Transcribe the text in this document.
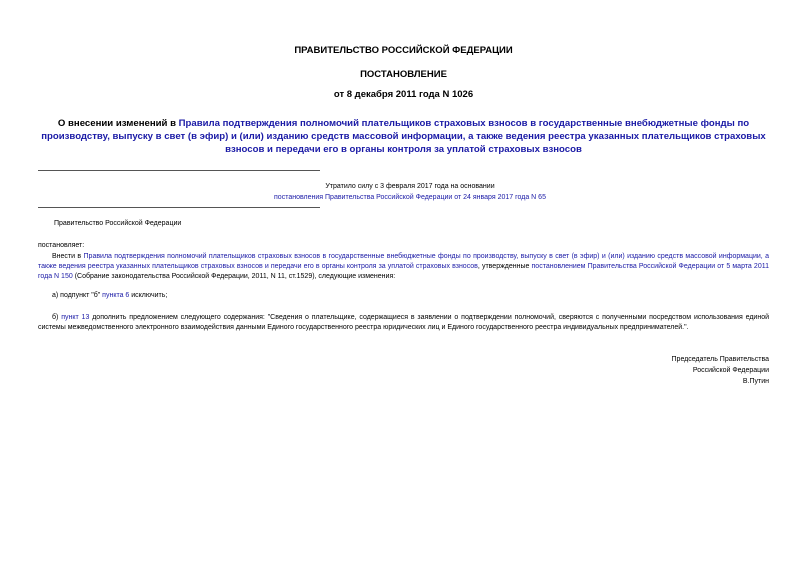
ПРАВИТЕЛЬСТВО РОССИЙСКОЙ ФЕДЕРАЦИИ
ПОСТАНОВЛЕНИЕ
от 8 декабря 2011 года N 1026
О внесении изменений в Правила подтверждения полномочий плательщиков страховых взносов в государственные внебюджетные фонды по производству, выпуску в свет (в эфир) и (или) изданию средств массовой информации, а также ведения реестра указанных плательщиков страховых взносов и передачи его в органы контроля за уплатой страховых взносов
Утратило силу с 3 февраля 2017 года на основании
постановления Правительства Российской Федерации от 24 января 2017 года N 65
Правительство Российской Федерации
постановляет:
Внести в Правила подтверждения полномочий плательщиков страховых взносов в государственные внебюджетные фонды по производству, выпуску в свет (в эфир) и (или) изданию средств массовой информации, а также ведения реестра указанных плательщиков страховых взносов и передачи его в органы контроля за уплатой страховых взносов, утвержденные постановлением Правительства Российской Федерации от 5 марта 2011 года N 150 (Собрание законодательства Российской Федерации, 2011, N 11, ст.1529), следующие изменения:
а) подпункт "б" пункта 6 исключить;
б) пункт 13 дополнить предложением следующего содержания: "Сведения о плательщике, содержащиеся в заявлении о подтверждении полномочий, сверяются с полученными посредством использования единой системы межведомственного электронного взаимодействия данными Единого государственного реестра юридических лиц и Единого государственного реестра индивидуальных предпринимателей.".
Председатель Правительства
Российской Федерации
В.Путин
